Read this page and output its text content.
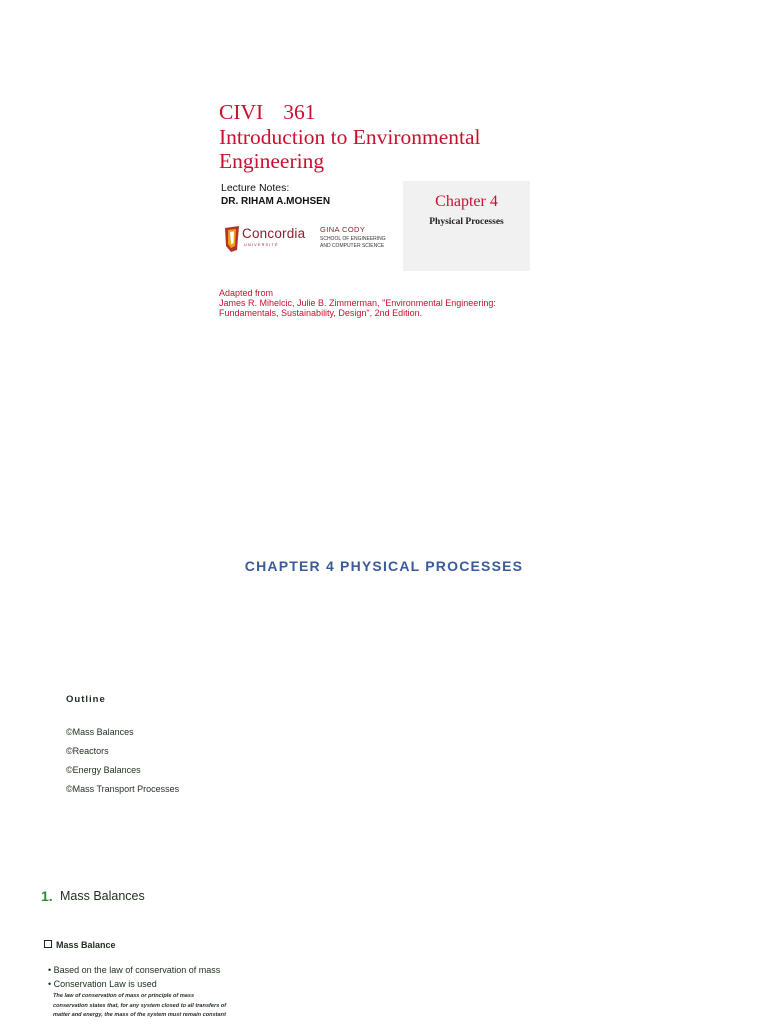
CIVI 361
Introduction to Environmental
Engineering
Lecture Notes:
DR. RIHAM A.MOHSEN
Concordia
UNIVERSITÉ
GINA CODY
SCHOOL OF ENGINEERING
AND COMPUTER SCIENCE
Chapter 4
Physical Processes
Adapted from
James R. Mihelcic, Julie B. Zimmerman, "Environmental Engineering:
Fundamentals, Sustainability, Design", 2nd Edition.
CHAPTER 4 PHYSICAL PROCESSES
Outline
©Mass Balances
©Reactors
©Energy Balances
©Mass Transport Processes
1. Mass Balances
Mass Balance
• Based on the law of conservation of mass
• Conservation Law is used
The law of conservation of mass or principle of mass
conservation states that, for any system closed to all transfers of
matter and energy, the mass of the system must remain constant
